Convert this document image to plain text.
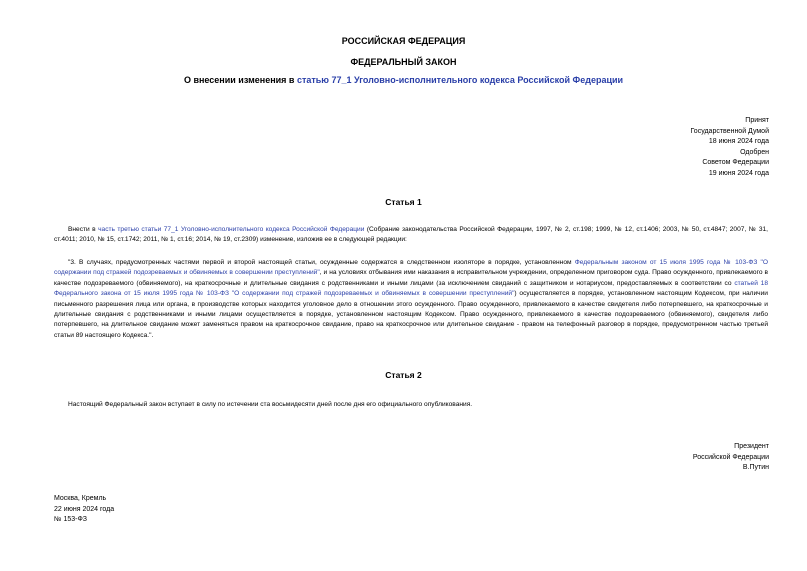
РОССИЙСКАЯ ФЕДЕРАЦИЯ
ФЕДЕРАЛЬНЫЙ ЗАКОН
О внесении изменения в статью 77_1 Уголовно-исполнительного кодекса Российской Федерации
Принят
Государственной Думой
18 июня 2024 года
Одобрен
Советом Федерации
19 июня 2024 года
Статья 1
Внести в часть третью статьи 77_1 Уголовно-исполнительного кодекса Российской Федерации (Собрание законодательства Российской Федерации, 1997, № 2, ст.198; 1999, № 12, ст.1406; 2003, № 50, ст.4847; 2007, № 31, ст.4011; 2010, № 15, ст.1742; 2011, № 1, ст.16; 2014, № 19, ст.2309) изменение, изложив ее в следующей редакции:
"3. В случаях, предусмотренных частями первой и второй настоящей статьи, осужденные содержатся в следственном изоляторе в порядке, установленном Федеральным законом от 15 июля 1995 года № 103-ФЗ "О содержании под стражей подозреваемых и обвиняемых в совершении преступлений", и на условиях отбывания ими наказания в исправительном учреждении, определенном приговором суда. Право осужденного, привлекаемого в качестве подозреваемого (обвиняемого), на краткосрочные и длительные свидания с родственниками и иными лицами (за исключением свиданий с защитником и нотариусом, предоставляемых в соответствии со статьей 18 Федерального закона от 15 июля 1995 года № 103-ФЗ "О содержании под стражей подозреваемых и обвиняемых в совершении преступлений") осуществляется в порядке, установленном настоящим Кодексом, при наличии письменного разрешения лица или органа, в производстве которых находится уголовное дело в отношении этого осужденного. Право осужденного, привлекаемого в качестве свидетеля либо потерпевшего, на краткосрочные и длительные свидания с родственниками и иными лицами осуществляется в порядке, установленном настоящим Кодексом. Право осужденного, привлекаемого в качестве подозреваемого (обвиняемого), свидетеля либо потерпевшего, на длительное свидание может заменяться правом на краткосрочное свидание, право на краткосрочное или длительное свидание - правом на телефонный разговор в порядке, предусмотренном частью третьей статьи 89 настоящего Кодекса.".
Статья 2
Настоящий Федеральный закон вступает в силу по истечении ста восьмидесяти дней после дня его официального опубликования.
Президент
Российской Федерации
В.Путин
Москва, Кремль
22 июня 2024 года
№ 153-ФЗ
